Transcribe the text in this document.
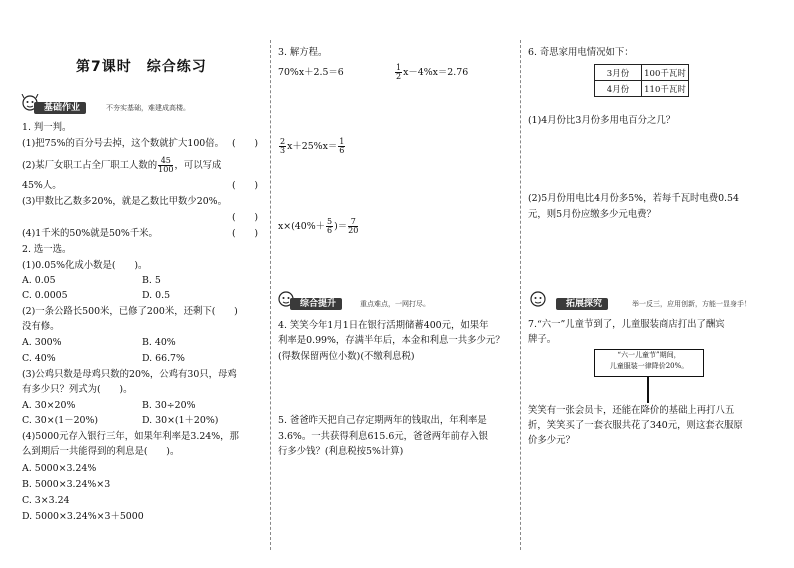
第7课时　综合练习
基础作业	不夯实基础，难建成高楼。
1. 判一判。
(1)把75%的百分号去掉，这个数就扩大100倍。 (　　)
(2)某厂女职工占全厂职工人数的 $\frac{45}{100}$ ，可以写成
45%人。	(　　)
(3)甲数比乙数多20%，就是乙数比甲数少20%。
(　　)
(4)1千米的50%就是50%千米。	(　　)
2. 选一选。
(1)0.05%化成小数是(　　)。
A. 0.05	B. 5
C. 0.0005	D. 0.5
(2)一条公路长500米，已修了200米，还剩下(　　)
没有修。
A. 300%	B. 40%
C. 40%	D. 66.7%
(3)公鸡只数是母鸡只数的20%，公鸡有30只，母鸡
有多少只？列式为(　　)。
A. 30×20%	B. 30÷20%
C. 30×(1－20%)	D. 30×(1＋20%)
(4)5000元存入银行三年，如果年利率是3.24%，那
么到期后一共能得到的利息是(　　)。
A. 5000×3.24%
B. 5000×3.24%×3
C. 3×3.24
D. 5000×3.24%×3＋5000
3. 解方程。
70%x＋2.5＝6	$\frac{1}{2} x-4\%x=2.76$
$\frac{2}{3} x+25\%x= \frac{1}{6}$
$x\times(40\%+ \frac{5}{6}$ )＝ $\frac{7}{20}$
综合提升	重点难点，一网打尽。
4. 笑笑今年1月1日在银行活期储蓄400元，如果年
利率是0.99%，存满半年后，本金和利息一共多少元？
(得数保留两位小数)(不缴利息税)
5. 爸爸昨天把自己存定期两年的钱取出，年利率是
3.6%。一共获得利息615.6元，爸爸两年前存入银
行多少钱？(利息税按5%计算)
6. 奇思家用电情况如下：
3月份	100千瓦时
4月份	110千瓦时
(1)4月份比3月份多用电百分之几？
(2)5月份用电比4月份多5%，若每千瓦时电费0.54
元，则5月份应缴多少元电费？
拓展探究	举一反三，应用创新，方能一显身手！
7.“六一”儿童节到了，儿童服装商店打出了酬宾
牌子。
“六一儿童节”期间，
儿童服装一律降价20%。
笑笑有一张会员卡，还能在降价的基础上再打八五
折，笑笑买了一套衣服共花了340元，则这套衣服原
价多少元？
